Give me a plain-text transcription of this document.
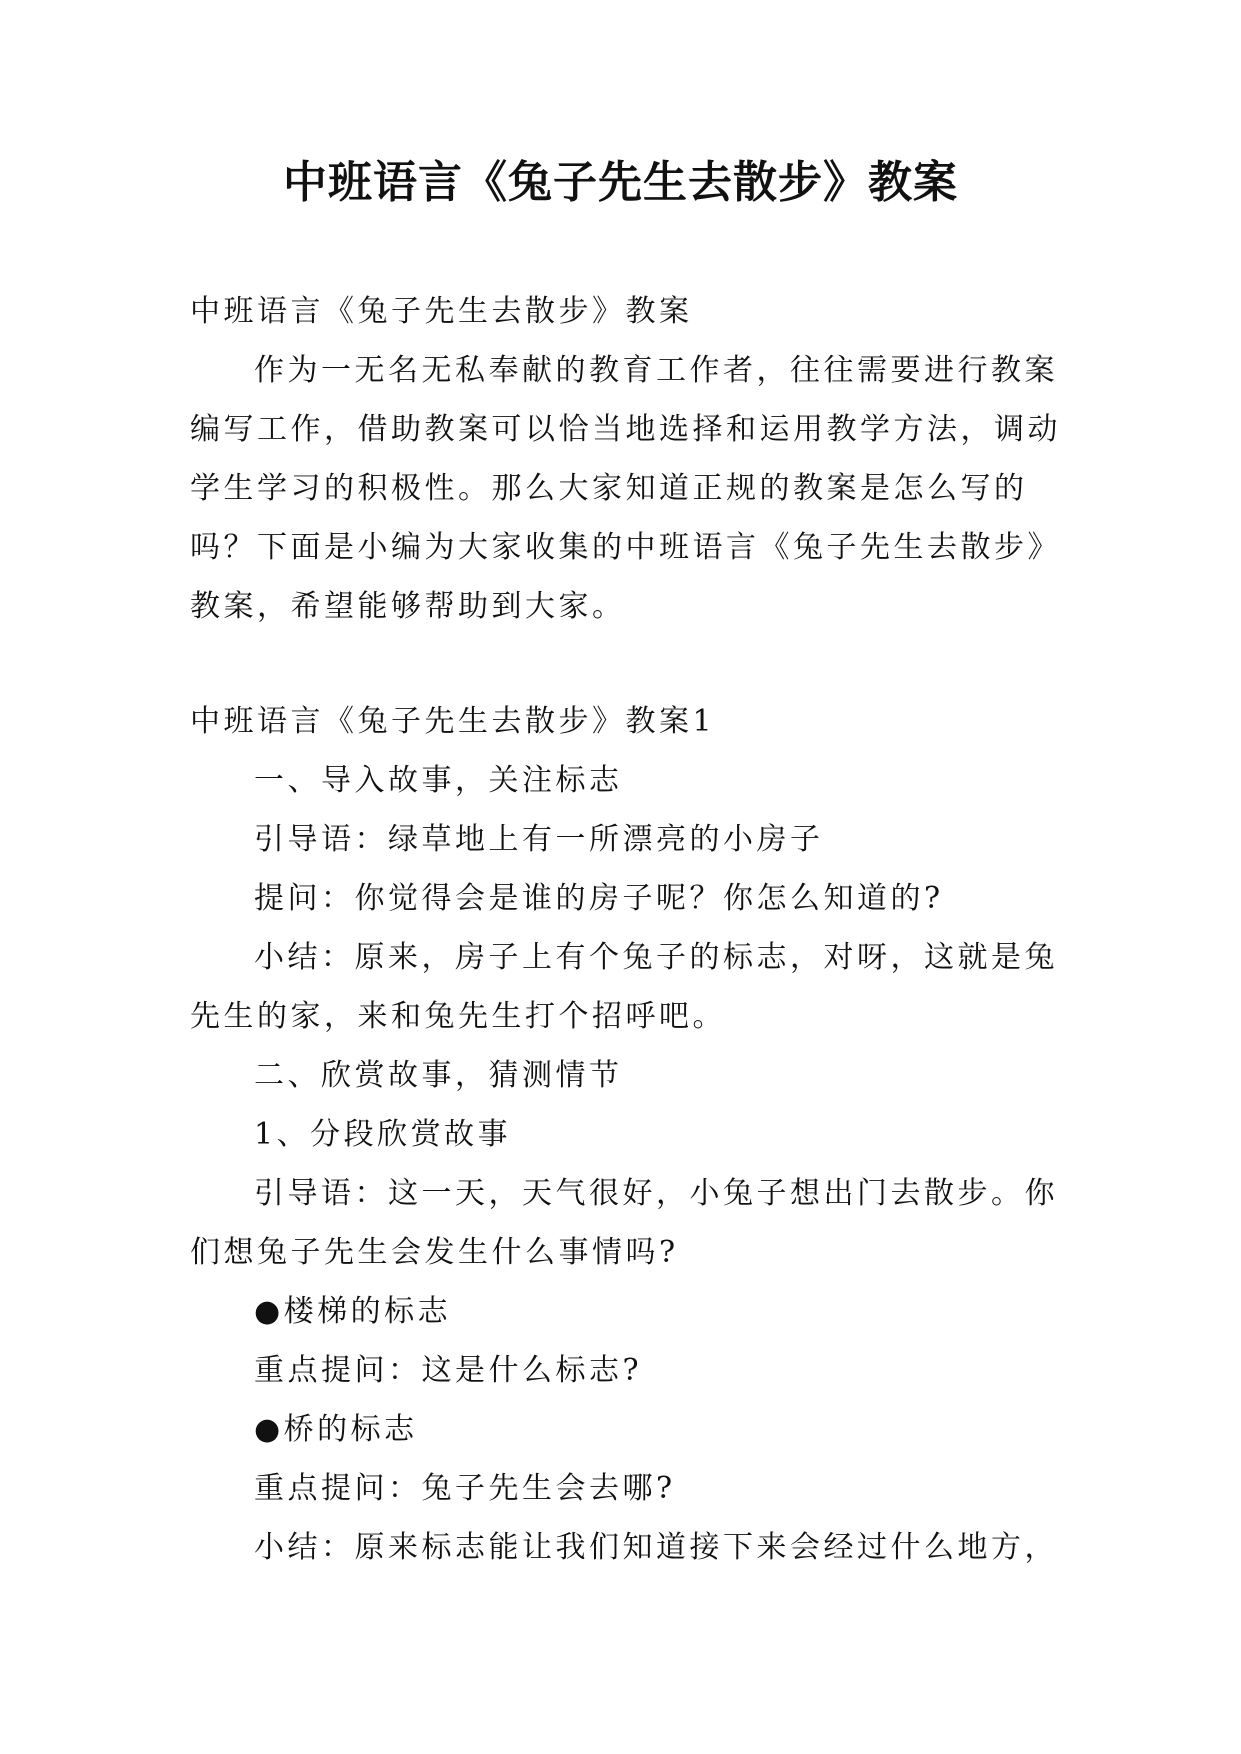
中班语言《兔子先生去散步》教案

中班语言《兔子先生去散步》教案

作为一无名无私奉献的教育工作者，往往需要进行教案编写工作，借助教案可以恰当地选择和运用教学方法，调动学生学习的积极性。那么大家知道正规的教案是怎么写的吗？下面是小编为大家收集的中班语言《兔子先生去散步》教案，希望能够帮助到大家。

中班语言《兔子先生去散步》教案1

一、导入故事，关注标志

引导语：绿草地上有一所漂亮的小房子

提问：你觉得会是谁的房子呢？你怎么知道的?

小结：原来，房子上有个兔子的标志，对呀，这就是兔先生的家，来和兔先生打个招呼吧。

二、欣赏故事，猜测情节

1、分段欣赏故事

引导语：这一天，天气很好，小兔子想出门去散步。你们想兔子先生会发生什么事情吗?

●楼梯的标志

重点提问：这是什么标志?

●桥的标志

重点提问：兔子先生会去哪?

小结：原来标志能让我们知道接下来会经过什么地方，
